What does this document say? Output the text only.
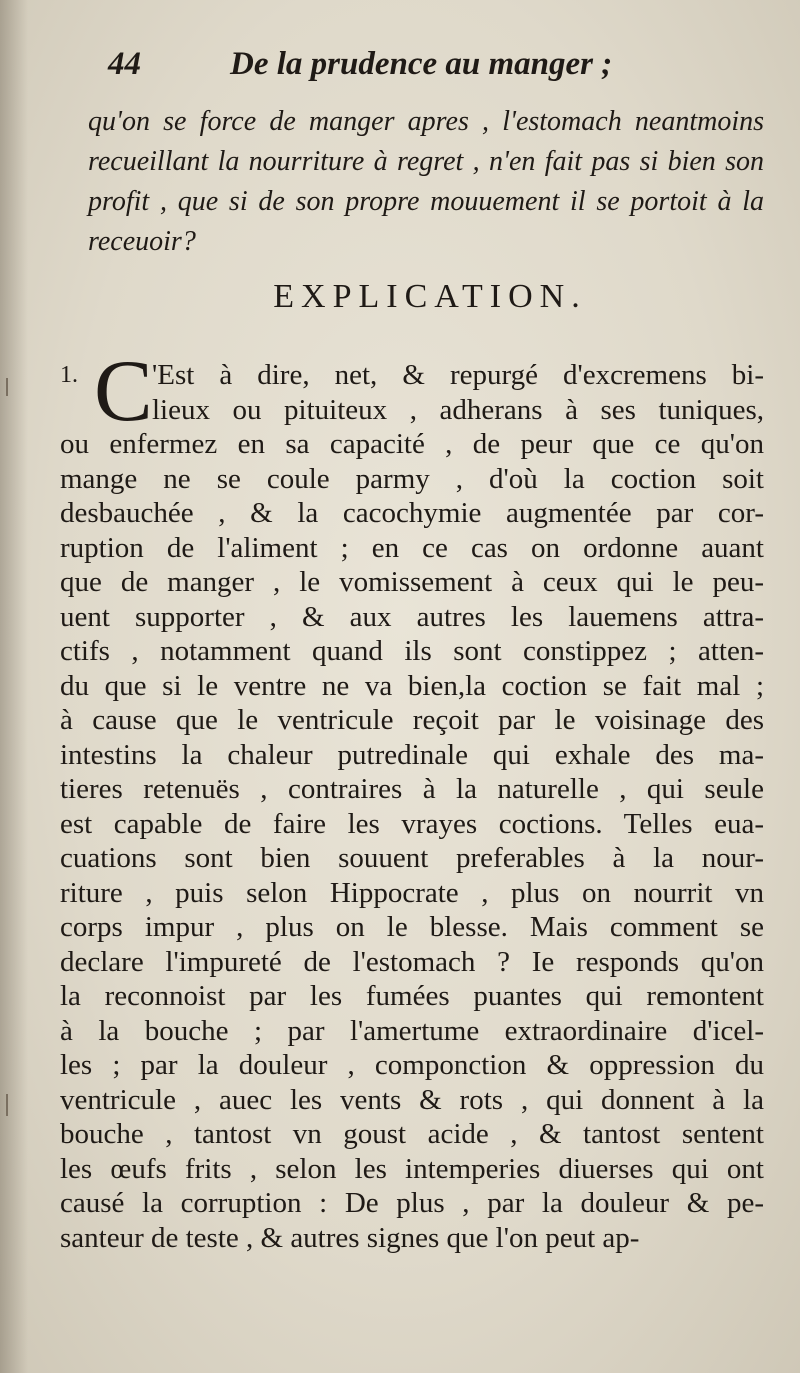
44	De la prudence au manger ;
qu'on se force de manger apres , l'estomach neantmoins recueillant la nourriture à regret , n'en fait pas si bien son profit , que si de son propre mouuement il se portoit à la receuoir?
EXPLICATION.
1. C 'Est à dire, net, & repurgé d'excremens bi-
lieux ou pituiteux , adherans à ses tuniques,
ou enfermez en sa capacité , de peur que ce qu'on
mange ne se coule parmy , d'où la coction soit
desbauchée , & la cacochymie augmentée par cor-
ruption de l'aliment ; en ce cas on ordonne auant
que de manger , le vomissement à ceux qui le peu-
uent supporter , & aux autres les lauemens attra-
ctifs , notamment quand ils sont constippez ; atten-
du que si le ventre ne va bien,la coction se fait mal ;
à cause que le ventricule reçoit par le voisinage des
intestins la chaleur putredinale qui exhale des ma-
tieres retenuës , contraires à la naturelle , qui seule
est capable de faire les vrayes coctions. Telles eua-
cuations sont bien souuent preferables à la nour-
riture , puis selon Hippocrate , plus on nourrit vn
corps impur , plus on le blesse. Mais comment se
declare l'impureté de l'estomach ? Ie responds qu'on
la reconnoist par les fumées puantes qui remontent
à la bouche ; par l'amertume extraordinaire d'icel-
les ; par la douleur , componction & oppression du
ventricule , auec les vents & rots , qui donnent à la
bouche , tantost vn goust acide , & tantost sentent
les œufs frits , selon les intemperies diuerses qui ont
causé la corruption : De plus , par la douleur & pe-
santeur de teste , & autres signes que l'on peut ap-
